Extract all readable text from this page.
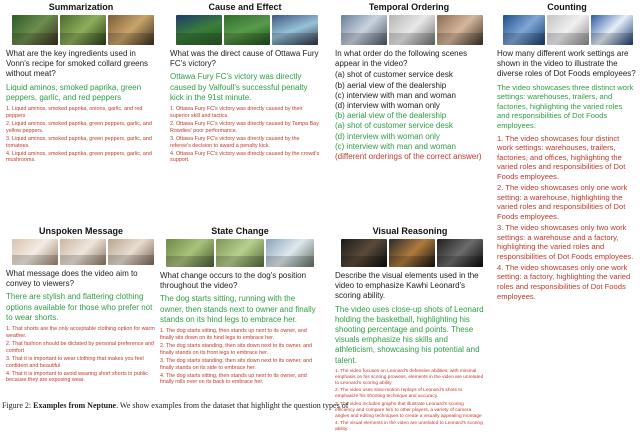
Summarization
What are the key ingredients used in Vonn's recipe for smoked collard greens without meat?
Liquid aminos, smoked paprika, green peppers, garlic, and red peppers
1. Liquid aminos, smoked paprika, onions, garlic, and red peppers
2. Liquid aminos, smoked paprika, green peppers, garlic, and yellow peppers.
3. Liquid aminos, smoked paprika, green peppers, garlic, and tomatoes.
4. Liquid aminos, smoked paprika, green peppers, garlic, and mushrooms.
Cause and Effect
What was the direct cause of Ottawa Fury FC's victory?
Ottawa Fury FC's victory was directly caused by Valfoull's successful penalty kick in the 91st minute.
1. Ottawa Fury FC's victory was directly caused by their superior skill and tactics.
2. Ottawa Fury FC's victory was directly caused by Tampa Bay Rowdies' poor performance.
3. Ottawa Fury FC's victory was directly caused by the referee's decision to award a penalty kick.
4. Ottawa Fury FC's victory was directly caused by the crowd's support.
Temporal Ordering
In what order do the following scenes appear in the video?
(a) shot of customer service desk
(b) aerial view of the dealership
(c) interview with man and woman
(d) interview with woman only
(b) aerial view of the dealership
(a) shot of customer service desk
(d) interview with woman only
(c) interview with man and woman
(different orderings of the correct answer)
Counting
How many different work settings are shown in the video to illustrate the diverse roles of Dot Foods employees?
The video showcases three distinct work settings: warehouses, trailers, and factories, highlighting the varied roles and responsibilities of Dot Foods employees.
1. The video showcases four distinct work settings: warehouses, trailers, factories, and offices, highlighting the varied roles and responsibilities of Dot Foods employees.
2. The video showcases only one work setting: a warehouse, highlighting the varied roles and responsibilities of Dot Foods employees.
3. The video showcases only two work settings: a warehouse and a factory, highlighting the varied roles and responsibilities of Dot Foods employees.
4. The video showcases only one work setting: a factory, highlighting the varied roles and responsibilities of Dot Foods employees.
Unspoken Message
What message does the video aim to convey to viewers?
There are stylish and flattering clothing options available for those who prefer not to wear shorts.
1. That shorts are the only acceptable clothing option for warm weather.
2. That fashion should be dictated by personal preference and comfort
3. That it is important to wear clothing that makes you feel confident and beautiful
4. That it is important to avoid wearing short shorts in public because they are exposing wear.
State Change
What change occurs to the dog's position throughout the video?
The dog starts sitting, running with the owner, then stands next to owner and finally stands on its hind legs to embrace her.
1. The dog starts sitting, then stands up next to its owner, and finally sits down on its hind legs to embrace her.
2. The dog starts standing, then sits down next to its owner, and finally stands on its front legs to embrace her.
3. The dog starts standing, then sits down next to its owner, and finally stands on its side to embrace her.
4. The dog starts sitting, then stands up next to its owner, and finally rolls over on its back to embrace her.
Visual Reasoning
Describe the visual elements used in the video to emphasize Kawhi Leonard's scoring ability.
The video uses close-up shots of Leonard holding the basketball, highlighting his shooting percentage and points. These visuals emphasize his skills and athleticism, showcasing his potential and talent.
1. The video focuses on Leonard's defensive abilities, with minimal emphasis on his scoring prowess, elements in the video are unrelated to Leonard's scoring ability
2. The video uses slow-motion replays of Leonard's shots to emphasize his shooting technique and accuracy.
3. The video includes graphs that illustrate Leonard's scoring efficiency and compare him to other players, a variety of camera angles and editing techniques to create a visually appealing montage
4. The visual elements in the video are unrelated to Leonard's scoring ability.
Figure 2: Examples from Neptune. We show examples from the dataset that highlight the question types of
